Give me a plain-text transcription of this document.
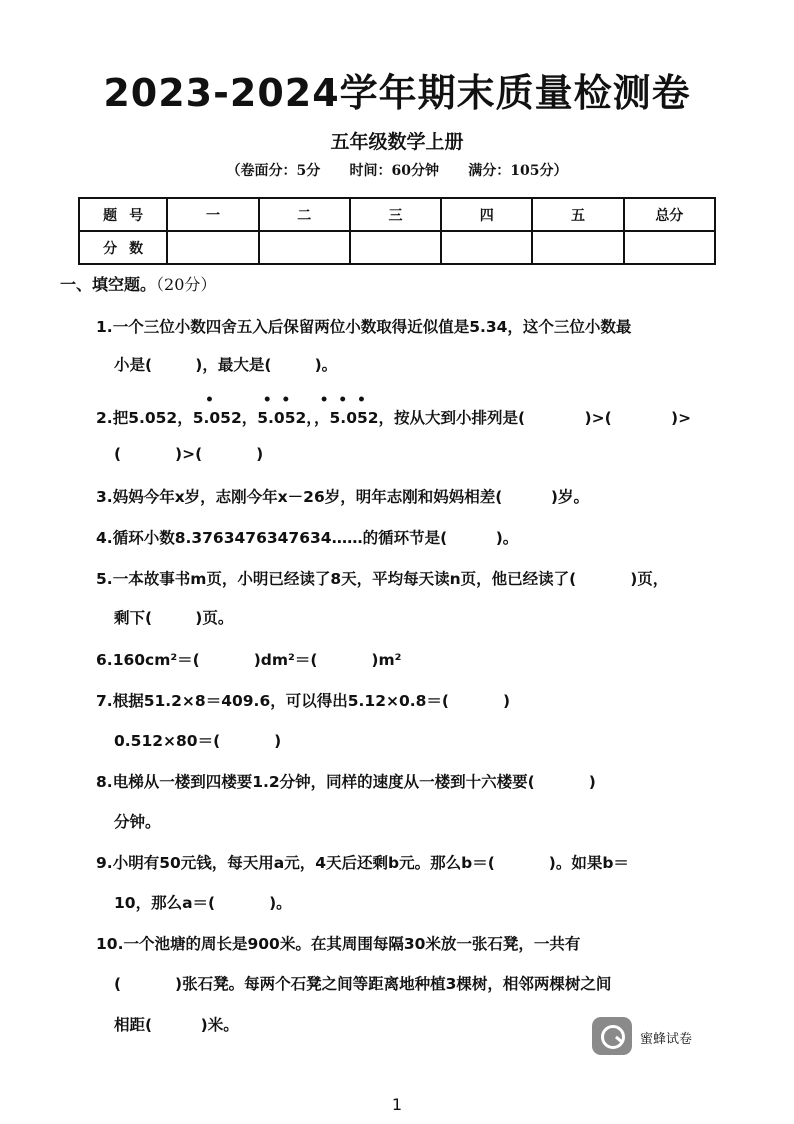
2023-2024学年期末质量检测卷
五年级数学上册
（卷面分：5分      时间：60分钟      满分：105分）
题号	一	二	三	四	五	总分
分数						
一、填空题。（20分）
1.一个三位小数四舍五入后保留两位小数取得近似值是5.34，这个三位小数最
小是(        )，最大是(        )。
•          •  •      •  •  •
2.把5.052，5.052，5.052，，5.052，按从大到小排列是(           )>(           )>
(          )>(          )
3.妈妈今年x岁，志刚今年x－26岁，明年志刚和妈妈相差(         )岁。
4.循环小数8.3763476347634……的循环节是(         )。
5.一本故事书m页，小明已经读了8天，平均每天读n页，他已经读了(          )页，
剩下(        )页。
6.160cm²＝(          )dm²＝(          )m²
7.根据51.2×8＝409.6，可以得出5.12×0.8＝(          )
0.512×80＝(          )
8.电梯从一楼到四楼要1.2分钟，同样的速度从一楼到十六楼要(          )
分钟。
9.小明有50元钱，每天用a元，4天后还剩b元。那么b＝(          )。如果b＝
10，那么a＝(          )。
10.一个池塘的周长是900米。在其周围每隔30米放一张石凳，一共有
(          )张石凳。每两个石凳之间等距离地种植3棵树，相邻两棵树之间
相距(         )米。
蜜蜂试卷
1
